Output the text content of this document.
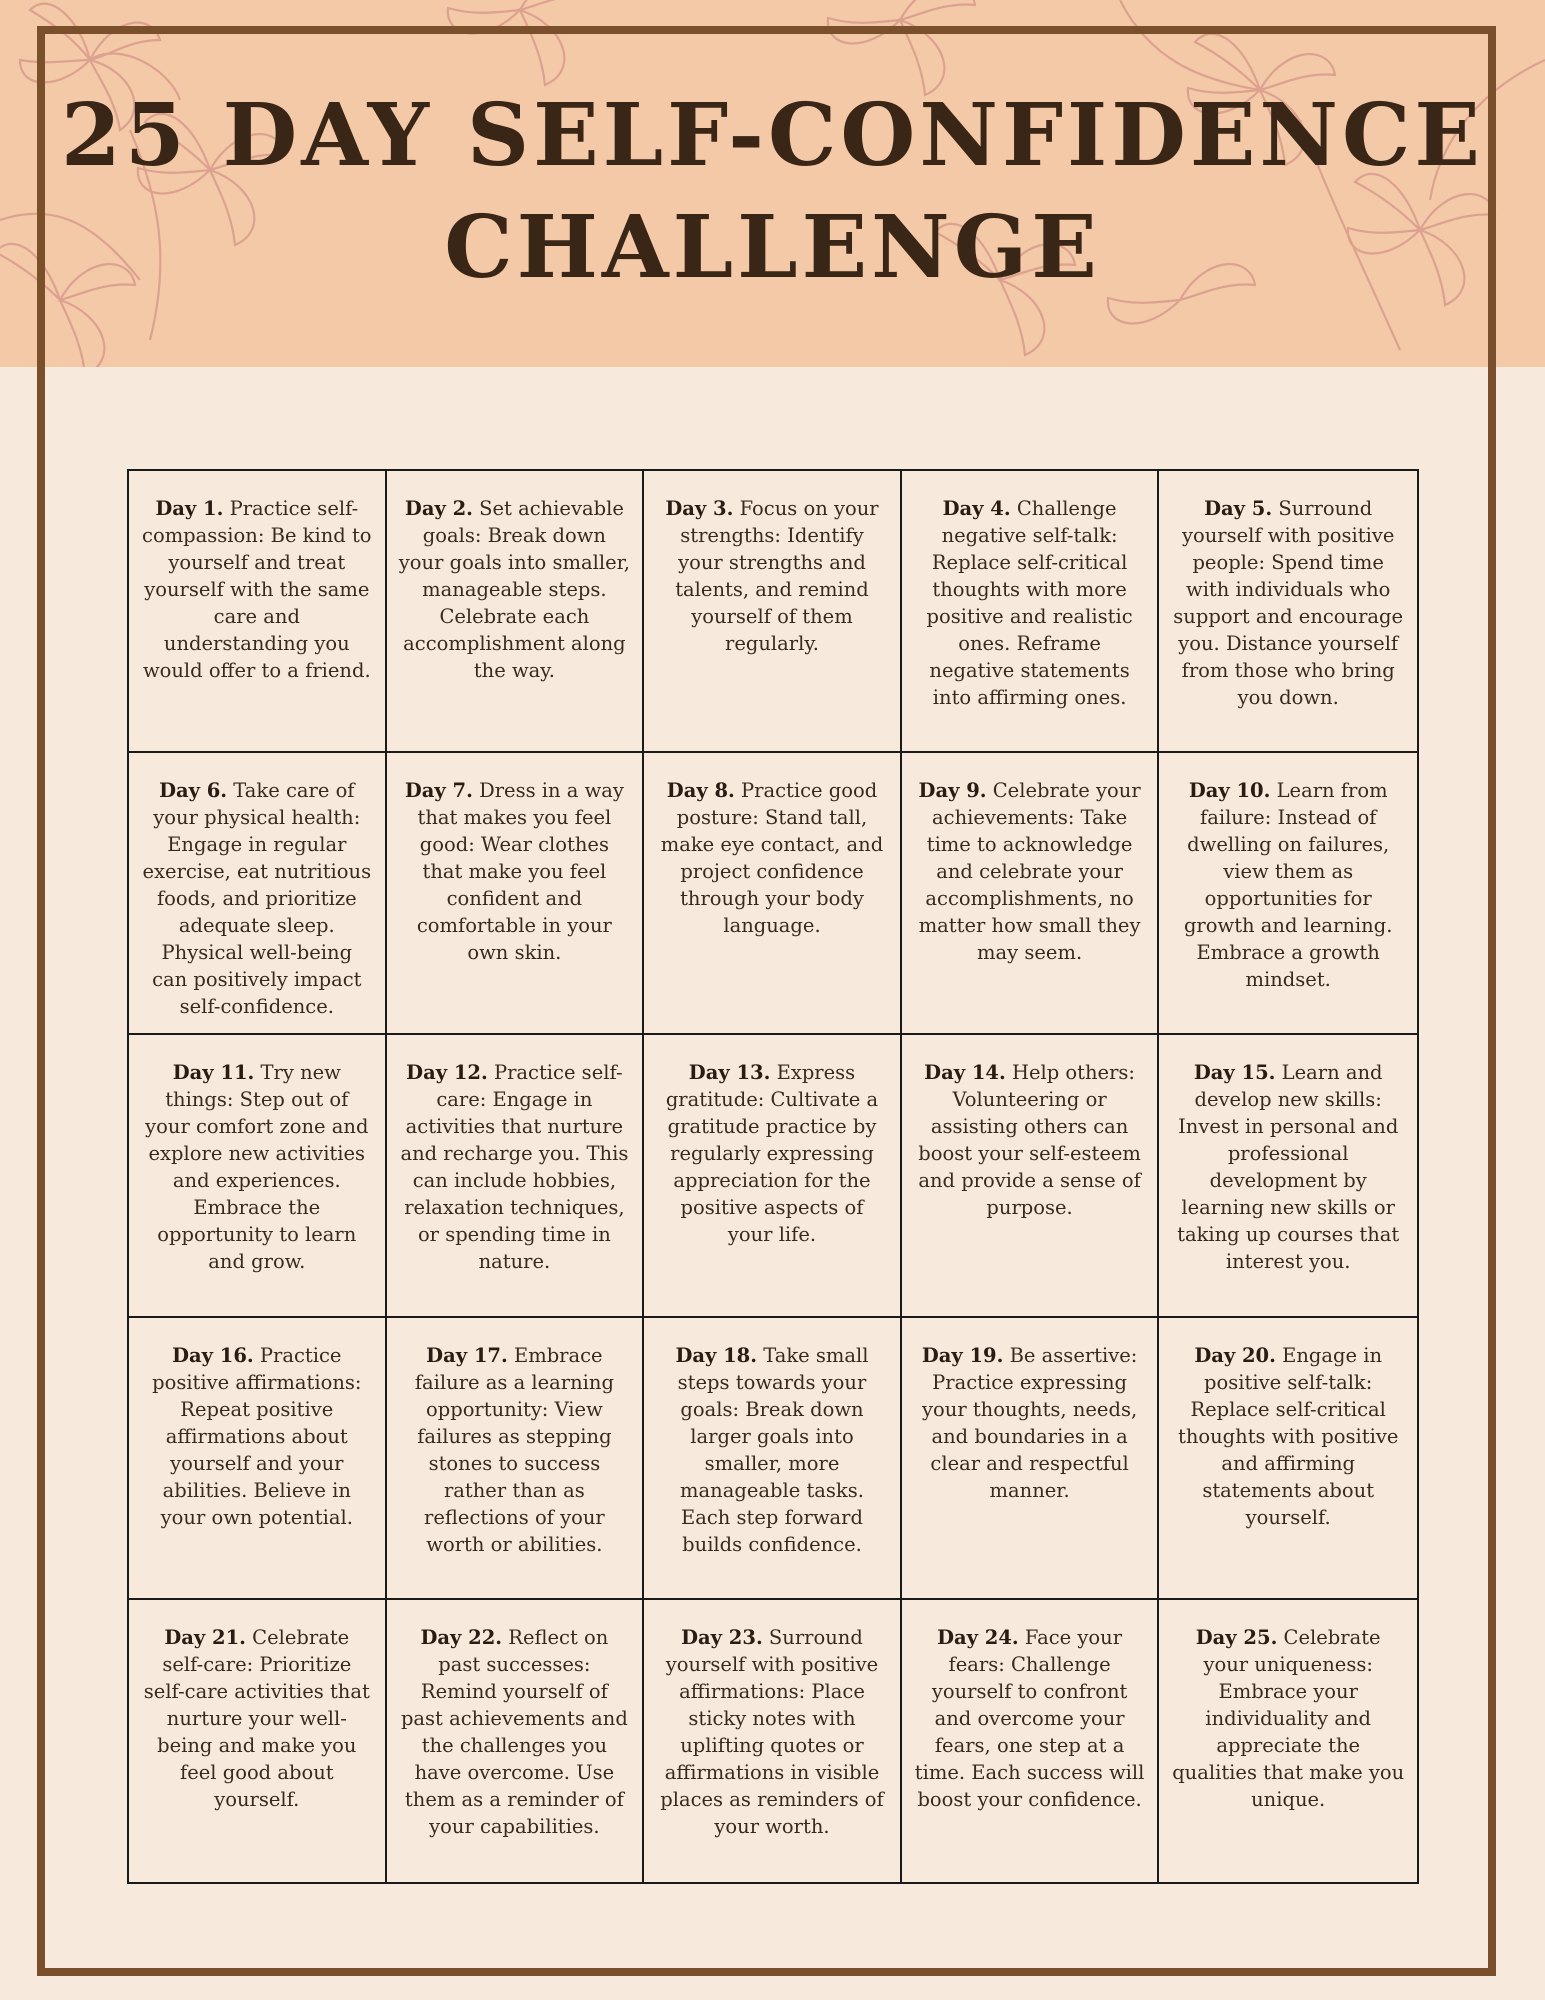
25 DAY SELF-CONFIDENCE CHALLENGE
Day 1. Practice self-compassion: Be kind to yourself and treat yourself with the same care and understanding you would offer to a friend.
Day 2. Set achievable goals: Break down your goals into smaller, manageable steps. Celebrate each accomplishment along the way.
Day 3. Focus on your strengths: Identify your strengths and talents, and remind yourself of them regularly.
Day 4. Challenge negative self-talk: Replace self-critical thoughts with more positive and realistic ones. Reframe negative statements into affirming ones.
Day 5. Surround yourself with positive people: Spend time with individuals who support and encourage you. Distance yourself from those who bring you down.
Day 6. Take care of your physical health: Engage in regular exercise, eat nutritious foods, and prioritize adequate sleep. Physical well-being can positively impact self-confidence.
Day 7. Dress in a way that makes you feel good: Wear clothes that make you feel confident and comfortable in your own skin.
Day 8. Practice good posture: Stand tall, make eye contact, and project confidence through your body language.
Day 9. Celebrate your achievements: Take time to acknowledge and celebrate your accomplishments, no matter how small they may seem.
Day 10. Learn from failure: Instead of dwelling on failures, view them as opportunities for growth and learning. Embrace a growth mindset.
Day 11. Try new things: Step out of your comfort zone and explore new activities and experiences. Embrace the opportunity to learn and grow.
Day 12. Practice self-care: Engage in activities that nurture and recharge you. This can include hobbies, relaxation techniques, or spending time in nature.
Day 13. Express gratitude: Cultivate a gratitude practice by regularly expressing appreciation for the positive aspects of your life.
Day 14. Help others: Volunteering or assisting others can boost your self-esteem and provide a sense of purpose.
Day 15. Learn and develop new skills: Invest in personal and professional development by learning new skills or taking up courses that interest you.
Day 16. Practice positive affirmations: Repeat positive affirmations about yourself and your abilities. Believe in your own potential.
Day 17. Embrace failure as a learning opportunity: View failures as stepping stones to success rather than as reflections of your worth or abilities.
Day 18. Take small steps towards your goals: Break down larger goals into smaller, more manageable tasks. Each step forward builds confidence.
Day 19. Be assertive: Practice expressing your thoughts, needs, and boundaries in a clear and respectful manner.
Day 20. Engage in positive self-talk: Replace self-critical thoughts with positive and affirming statements about yourself.
Day 21. Celebrate self-care: Prioritize self-care activities that nurture your well-being and make you feel good about yourself.
Day 22. Reflect on past successes: Remind yourself of past achievements and the challenges you have overcome. Use them as a reminder of your capabilities.
Day 23. Surround yourself with positive affirmations: Place sticky notes with uplifting quotes or affirmations in visible places as reminders of your worth.
Day 24. Face your fears: Challenge yourself to confront and overcome your fears, one step at a time. Each success will boost your confidence.
Day 25. Celebrate your uniqueness: Embrace your individuality and appreciate the qualities that make you unique.
